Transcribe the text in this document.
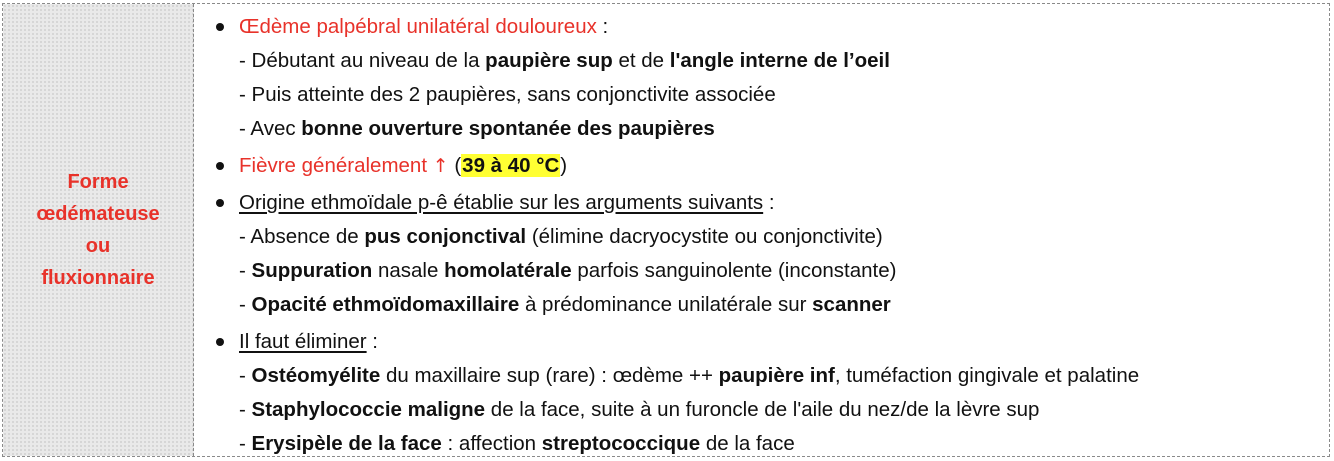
Forme
œdémateuse
ou
fluxionnaire
Œdème palpébral unilatéral douloureux :
- Débutant au niveau de la paupière sup et de l'angle interne de l’oeil
- Puis atteinte des 2 paupières, sans conjonctivite associée
- Avec bonne ouverture spontanée des paupières
Fièvre généralement ↑ (39 à 40 °C)
Origine ethmoïdale p-ê établie sur les arguments suivants :
- Absence de pus conjonctival (élimine dacryocystite ou conjonctivite)
- Suppuration nasale homolatérale parfois sanguinolente (inconstante)
- Opacité ethmoïdomaxillaire à prédominance unilatérale sur scanner
Il faut éliminer :
- Ostéomyélite du maxillaire sup (rare) : œdème ++ paupière inf, tuméfaction gingivale et palatine
- Staphylococcie maligne de la face, suite à un furoncle de l'aile du nez/de la lèvre sup
- Erysipèle de la face : affection streptococcique de la face
